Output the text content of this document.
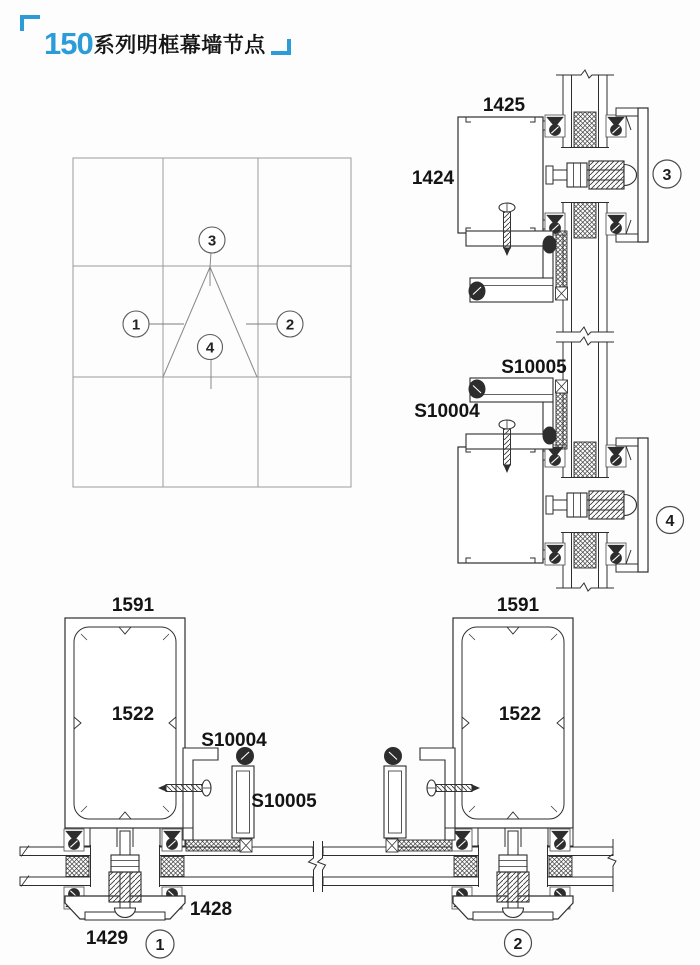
150 系列明框幕墙节点
3
1	2
4
1425
1424
S10005
S10004
1591
1522
S10004
S10005
1428
1429
1591
1522
3
4
1	2
